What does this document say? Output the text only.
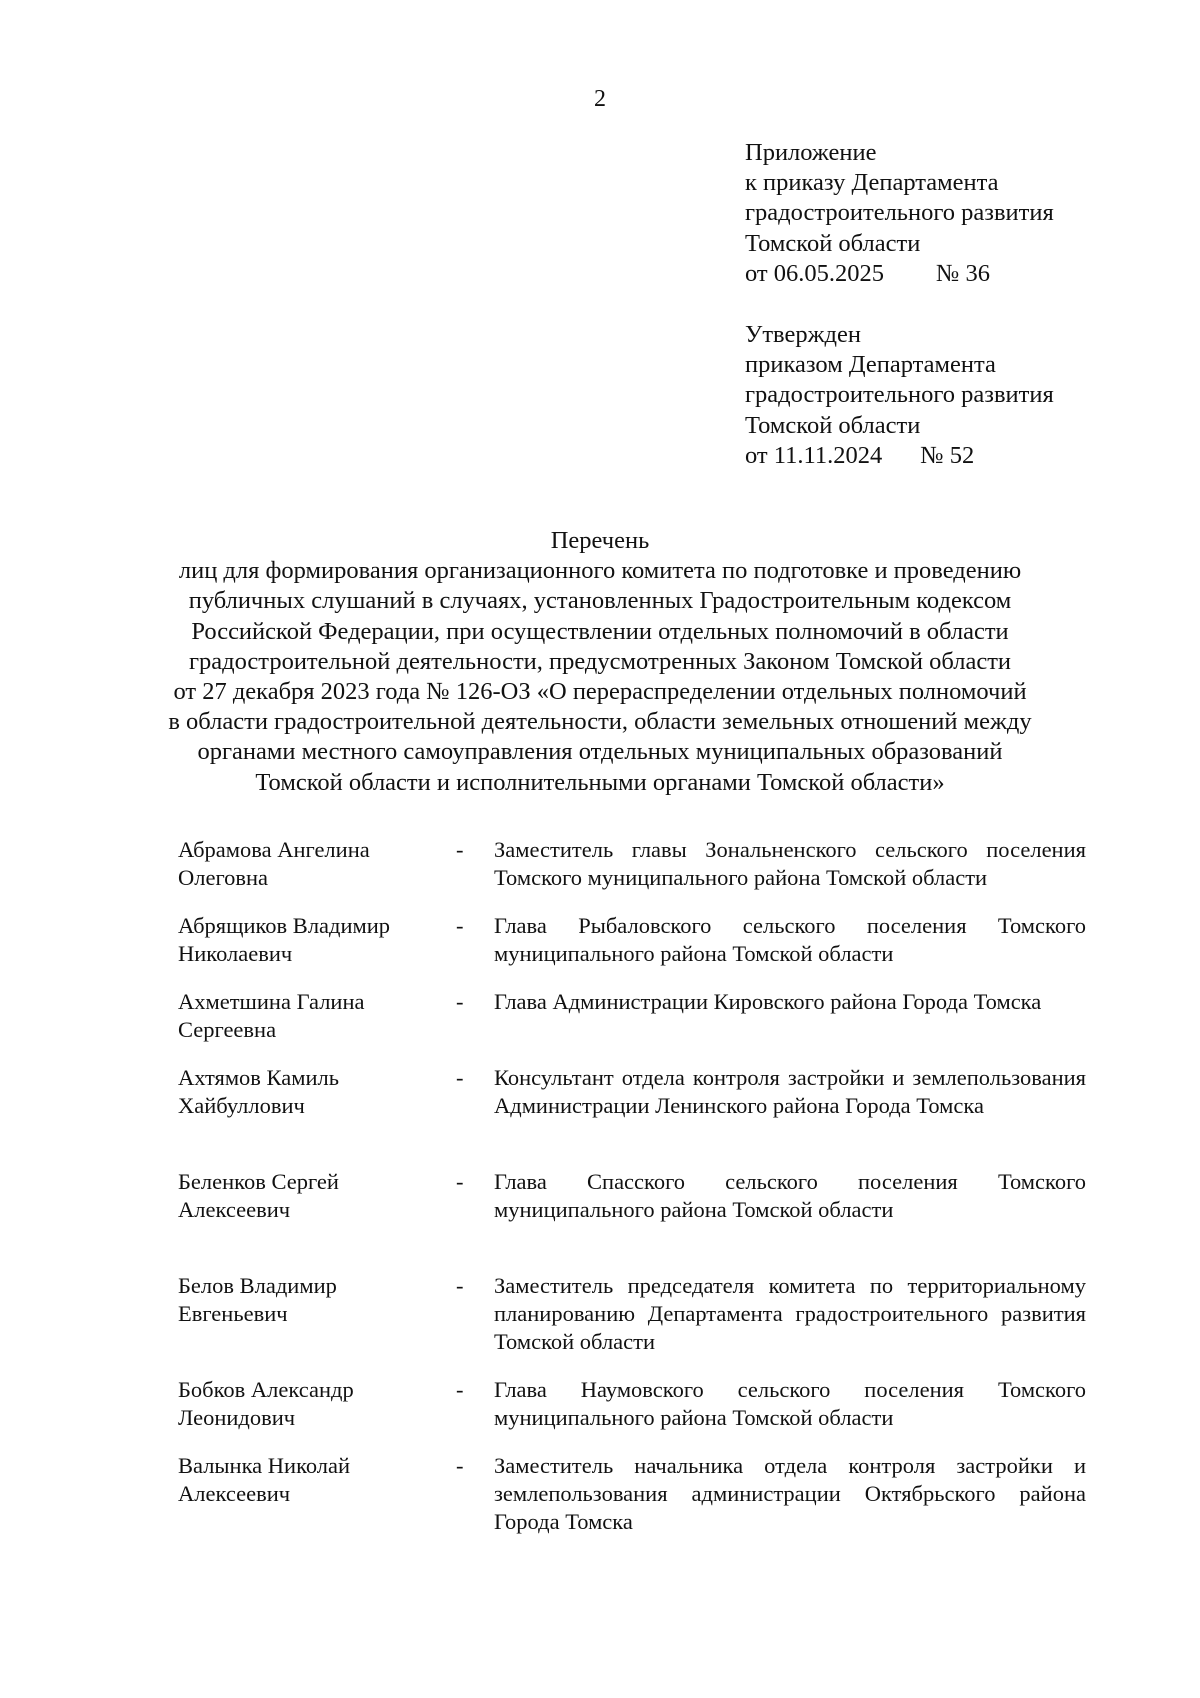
2
Приложение
к приказу Департамента
градостроительного развития
Томской области
от 06.05.2025 № 36
Утвержден
приказом Департамента
градостроительного развития
Томской области
от 11.11.2024 № 52
Перечень
лиц для формирования организационного комитета по подготовке и проведению
публичных слушаний в случаях, установленных Градостроительным кодексом
Российской Федерации, при осуществлении отдельных полномочий в области
градостроительной деятельности, предусмотренных Законом Томской области
от 27 декабря 2023 года № 126-ОЗ «О перераспределении отдельных полномочий
в области градостроительной деятельности, области земельных отношений между
органами местного самоуправления отдельных муниципальных образований
Томской области и исполнительными органами Томской области»
Абрамова Ангелина
Олеговна
- Заместитель главы Зональненского сельского поселения Томского муниципального района Томской области
Абрящиков Владимир
Николаевич
- Глава Рыбаловского сельского поселения Томского муниципального района Томской области
Ахметшина Галина
Сергеевна
- Глава Администрации Кировского района Города Томска
Ахтямов Камиль
Хайбуллович
- Консультант отдела контроля застройки и землепользования Администрации Ленинского района Города Томска
Беленков Сергей
Алексеевич
- Глава Спасского сельского поселения Томского муниципального района Томской области
Белов Владимир
Евгеньевич
- Заместитель председателя комитета по территориальному планированию Департамента градостроительного развития Томской области
Бобков Александр
Леонидович
- Глава Наумовского сельского поселения Томского муниципального района Томской области
Валынка Николай
Алексеевич
- Заместитель начальника отдела контроля застройки и землепользования администрации Октябрьского района Города Томска
